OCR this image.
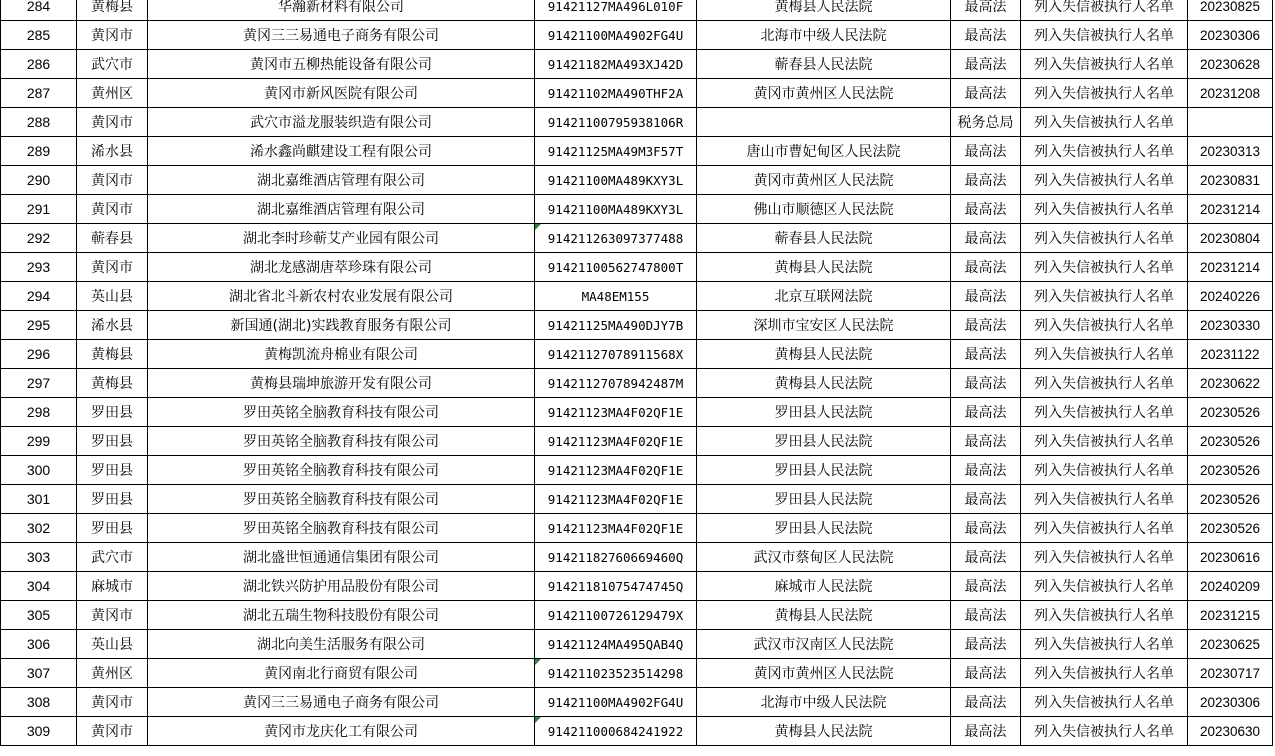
284	黄梅县	华瀚新材料有限公司	91421127MA496L010F	黄梅县人民法院	最高法	列入失信被执行人名单	20230825
285	黄冈市	黄冈三三易通电子商务有限公司	91421100MA4902FG4U	北海市中级人民法院	最高法	列入失信被执行人名单	20230306
286	武穴市	黄冈市五柳热能设备有限公司	91421182MA493XJ42D	蕲春县人民法院	最高法	列入失信被执行人名单	20230628
287	黄州区	黄冈市新风医院有限公司	91421102MA490THF2A	黄冈市黄州区人民法院	最高法	列入失信被执行人名单	20231208
288	黄冈市	武穴市溢龙服装织造有限公司	91421100795938106R		税务总局	列入失信被执行人名单	
289	浠水县	浠水鑫尚麒建设工程有限公司	91421125MA49M3F57T	唐山市曹妃甸区人民法院	最高法	列入失信被执行人名单	20230313
290	黄冈市	湖北嘉维酒店管理有限公司	91421100MA489KXY3L	黄冈市黄州区人民法院	最高法	列入失信被执行人名单	20230831
291	黄冈市	湖北嘉维酒店管理有限公司	91421100MA489KXY3L	佛山市顺德区人民法院	最高法	列入失信被执行人名单	20231214
292	蕲春县	湖北李时珍蕲艾产业园有限公司	914211263097377488	蕲春县人民法院	最高法	列入失信被执行人名单	20230804
293	黄冈市	湖北龙感湖唐萃珍珠有限公司	91421100562747800T	黄梅县人民法院	最高法	列入失信被执行人名单	20231214
294	英山县	湖北省北斗新农村农业发展有限公司	MA48EM155	北京互联网法院	最高法	列入失信被执行人名单	20240226
295	浠水县	新国通(湖北)实践教育服务有限公司	91421125MA490DJY7B	深圳市宝安区人民法院	最高法	列入失信被执行人名单	20230330
296	黄梅县	黄梅凯流舟棉业有限公司	91421127078911568X	黄梅县人民法院	最高法	列入失信被执行人名单	20231122
297	黄梅县	黄梅县瑞坤旅游开发有限公司	91421127078942487M	黄梅县人民法院	最高法	列入失信被执行人名单	20230622
298	罗田县	罗田英铭全脑教育科技有限公司	91421123MA4F02QF1E	罗田县人民法院	最高法	列入失信被执行人名单	20230526
299	罗田县	罗田英铭全脑教育科技有限公司	91421123MA4F02QF1E	罗田县人民法院	最高法	列入失信被执行人名单	20230526
300	罗田县	罗田英铭全脑教育科技有限公司	91421123MA4F02QF1E	罗田县人民法院	最高法	列入失信被执行人名单	20230526
301	罗田县	罗田英铭全脑教育科技有限公司	91421123MA4F02QF1E	罗田县人民法院	最高法	列入失信被执行人名单	20230526
302	罗田县	罗田英铭全脑教育科技有限公司	91421123MA4F02QF1E	罗田县人民法院	最高法	列入失信被执行人名单	20230526
303	武穴市	湖北盛世恒通通信集团有限公司	91421182760669460Q	武汉市蔡甸区人民法院	最高法	列入失信被执行人名单	20230616
304	麻城市	湖北铁兴防护用品股份有限公司	91421181075474745Q	麻城市人民法院	最高法	列入失信被执行人名单	20240209
305	黄冈市	湖北五瑞生物科技股份有限公司	91421100726129479X	黄梅县人民法院	最高法	列入失信被执行人名单	20231215
306	英山县	湖北向美生活服务有限公司	91421124MA495QAB4Q	武汉市汉南区人民法院	最高法	列入失信被执行人名单	20230625
307	黄州区	黄冈南北行商贸有限公司	914211023523514298	黄冈市黄州区人民法院	最高法	列入失信被执行人名单	20230717
308	黄冈市	黄冈三三易通电子商务有限公司	91421100MA4902FG4U	北海市中级人民法院	最高法	列入失信被执行人名单	20230306
309	黄冈市	黄冈市龙庆化工有限公司	914211000684241922	黄梅县人民法院	最高法	列入失信被执行人名单	20230630
